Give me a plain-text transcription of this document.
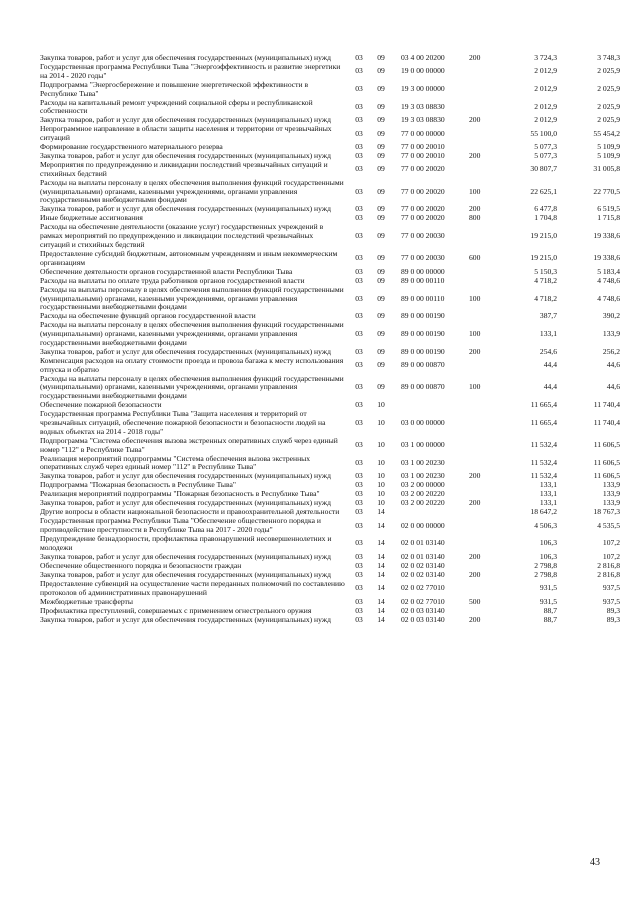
Закупка товаров, работ и услуг для обеспечения государственных (муниципальных) нужд	03	09	03 4 00 20200	200	3 724,3	3 748,3
Государственная программа Республики Тыва "Энергоэффективность и развитие энергетики на 2014 - 2020 годы"	03	09	19 0 00 00000		2 012,9	2 025,9
Подпрограмма "Энергосбережение и повышение энергетической эффективности в Республике Тыва"	03	09	19 3 00 00000		2 012,9	2 025,9
Расходы на капитальный ремонт учреждений социальной сферы и республиканской собственности	03	09	19 3 03 08830		2 012,9	2 025,9
Закупка товаров, работ и услуг для обеспечения государственных (муниципальных) нужд	03	09	19 3 03 08830	200	2 012,9	2 025,9
Непрограммное направление в области защиты населения и территории от чрезвычайных ситуаций	03	09	77 0 00 00000		55 100,0	55 454,2
Формирование государственного материального резерва	03	09	77 0 00 20010		5 077,3	5 109,9
Закупка товаров, работ и услуг для обеспечения государственных (муниципальных) нужд	03	09	77 0 00 20010	200	5 077,3	5 109,9
Мероприятия по предупреждению и ликвидации последствий чрезвычайных ситуаций и стихийных бедствий	03	09	77 0 00 20020		30 807,7	31 005,8
Расходы на выплаты персоналу в целях обеспечения выполнения функций государственными (муниципальными) органами, казенными учреждениями, органами управления государственными внебюджетными фондами	03	09	77 0 00 20020	100	22 625,1	22 770,5
Закупка товаров, работ и услуг для обеспечения государственных (муниципальных) нужд	03	09	77 0 00 20020	200	6 477,8	6 519,5
Иные бюджетные ассигнования	03	09	77 0 00 20020	800	1 704,8	1 715,8
Расходы на обеспечение деятельности (оказание услуг) государственных учреждений в рамках мероприятий по предупреждению и ликвидации последствий чрезвычайных ситуаций и стихийных бедствий	03	09	77 0 00 20030		19 215,0	19 338,6
Предоставление субсидий бюджетным, автономным учреждениям и иным некоммерческим организациям	03	09	77 0 00 20030	600	19 215,0	19 338,6
Обеспечение деятельности органов государственной власти Республики Тыва	03	09	89 0 00 00000		5 150,3	5 183,4
Расходы на выплаты по оплате труда работников органов государственной власти	03	09	89 0 00 00110		4 718,2	4 748,6
Расходы на выплаты персоналу в целях обеспечения выполнения функций государственными (муниципальными) органами, казенными учреждениями, органами управления государственными внебюджетными фондами	03	09	89 0 00 00110	100	4 718,2	4 748,6
Расходы на обеспечение функций органов государственной власти	03	09	89 0 00 00190		387,7	390,2
Расходы на выплаты персоналу в целях обеспечения выполнения функций государственными (муниципальными) органами, казенными учреждениями, органами управления государственными внебюджетными фондами	03	09	89 0 00 00190	100	133,1	133,9
Закупка товаров, работ и услуг для обеспечения государственных (муниципальных) нужд	03	09	89 0 00 00190	200	254,6	256,2
Компенсация расходов на оплату стоимости проезда и провоза багажа к месту использования отпуска и обратно	03	09	89 0 00 00870		44,4	44,6
Расходы на выплаты персоналу в целях обеспечения выполнения функций государственными (муниципальными) органами, казенными учреждениями, органами управления государственными внебюджетными фондами	03	09	89 0 00 00870	100	44,4	44,6
Обеспечение пожарной безопасности	03	10			11 665,4	11 740,4
Государственная программа Республики Тыва "Защита населения и территорий от чрезвычайных ситуаций, обеспечение пожарной безопасности и безопасности людей на водных объектах на 2014 - 2018 годы"	03	10	03 0 00 00000		11 665,4	11 740,4
Подпрограмма "Система обеспечения вызова экстренных оперативных служб через единый номер "112" в Республике Тыва"	03	10	03 1 00 00000		11 532,4	11 606,5
Реализация мероприятий подпрограммы "Система обеспечения вызова экстренных оперативных служб через единый номер "112" в Республике Тыва"	03	10	03 1 00 20230		11 532,4	11 606,5
Закупка товаров, работ и услуг для обеспечения государственных (муниципальных) нужд	03	10	03 1 00 20230	200	11 532,4	11 606,5
Подпрограмма "Пожарная безопасность в Республике Тыва"	03	10	03 2 00 00000		133,1	133,9
Реализация мероприятий подпрограммы "Пожарная безопасность в Республике Тыва"	03	10	03 2 00 20220		133,1	133,9
Закупка товаров, работ и услуг для обеспечения государственных (муниципальных) нужд	03	10	03 2 00 20220	200	133,1	133,9
Другие вопросы в области национальной безопасности и правоохранительной деятельности	03	14			18 647,2	18 767,3
Государственная программа Республики Тыва "Обеспечение общественного порядка и противодействие преступности в Республике Тыва на 2017 - 2020 годы"	03	14	02 0 00 00000		4 506,3	4 535,5
Предупреждение безнадзорности, профилактика правонарушений несовершеннолетних и молодежи	03	14	02 0 01 03140		106,3	107,2
Закупка товаров, работ и услуг для обеспечения государственных (муниципальных) нужд	03	14	02 0 01 03140	200	106,3	107,2
Обеспечение общественного порядка и безопасности граждан	03	14	02 0 02 03140		2 798,8	2 816,8
Закупка товаров, работ и услуг для обеспечения государственных (муниципальных) нужд	03	14	02 0 02 03140	200	2 798,8	2 816,8
Предоставление субвенций на осуществление части переданных полномочий по составлению протоколов об административных правонарушений	03	14	02 0 02 77010		931,5	937,5
Межбюджетные трансферты	03	14	02 0 02 77010	500	931,5	937,5
Профилактика преступлений, совершаемых с применением огнестрельного оружия	03	14	02 0 03 03140		88,7	89,3
Закупка товаров, работ и услуг для обеспечения государственных (муниципальных) нужд	03	14	02 0 03 03140	200	88,7	89,3
43
